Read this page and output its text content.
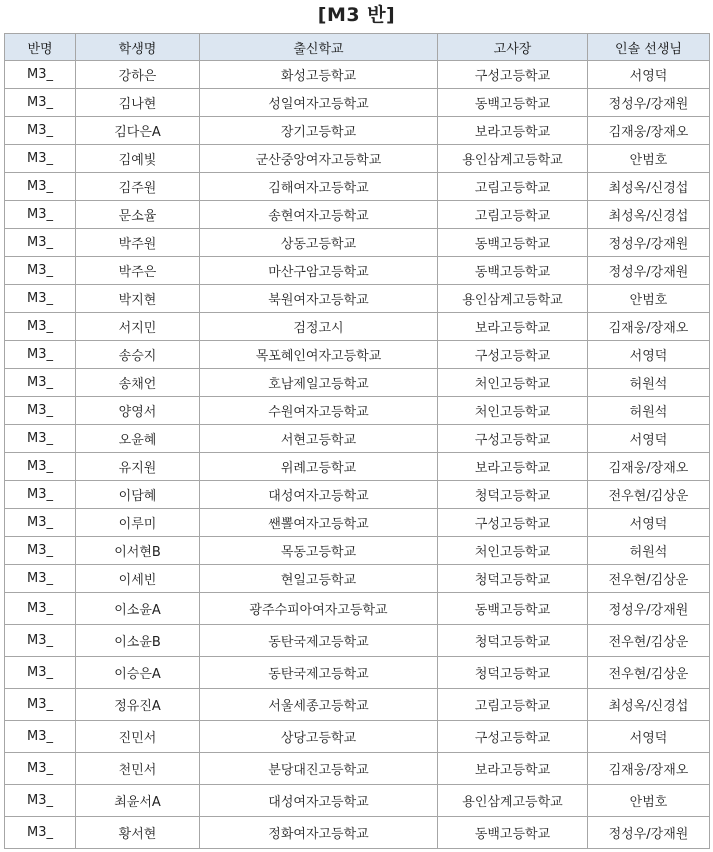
[M3 반]
반명	학생명	출신학교	고사장	인솔 선생님
M3_	강하은	화성고등학교	구성고등학교	서영덕
M3_	김나현	성일여자고등학교	동백고등학교	정성우/강재원
M3_	김다은A	장기고등학교	보라고등학교	김재웅/장재오
M3_	김예빛	군산중앙여자고등학교	용인삼계고등학교	안범호
M3_	김주원	김해여자고등학교	고림고등학교	최성옥/신경섭
M3_	문소율	송현여자고등학교	고림고등학교	최성옥/신경섭
M3_	박주원	상동고등학교	동백고등학교	정성우/강재원
M3_	박주은	마산구암고등학교	동백고등학교	정성우/강재원
M3_	박지현	북원여자고등학교	용인삼계고등학교	안범호
M3_	서지민	검정고시	보라고등학교	김재웅/장재오
M3_	송승지	목포혜인여자고등학교	구성고등학교	서영덕
M3_	송채언	호남제일고등학교	처인고등학교	허원석
M3_	양영서	수원여자고등학교	처인고등학교	허원석
M3_	오윤혜	서현고등학교	구성고등학교	서영덕
M3_	유지원	위례고등학교	보라고등학교	김재웅/장재오
M3_	이담혜	대성여자고등학교	청덕고등학교	전우현/김상운
M3_	이루미	쌘뽈여자고등학교	구성고등학교	서영덕
M3_	이서현B	목동고등학교	처인고등학교	허원석
M3_	이세빈	현일고등학교	청덕고등학교	전우현/김상운
M3_	이소윤A	광주수피아여자고등학교	동백고등학교	정성우/강재원
M3_	이소윤B	동탄국제고등학교	청덕고등학교	전우현/김상운
M3_	이승은A	동탄국제고등학교	청덕고등학교	전우현/김상운
M3_	정유진A	서울세종고등학교	고림고등학교	최성옥/신경섭
M3_	진민서	상당고등학교	구성고등학교	서영덕
M3_	천민서	분당대진고등학교	보라고등학교	김재웅/장재오
M3_	최윤서A	대성여자고등학교	용인삼계고등학교	안범호
M3_	황서현	정화여자고등학교	동백고등학교	정성우/강재원
